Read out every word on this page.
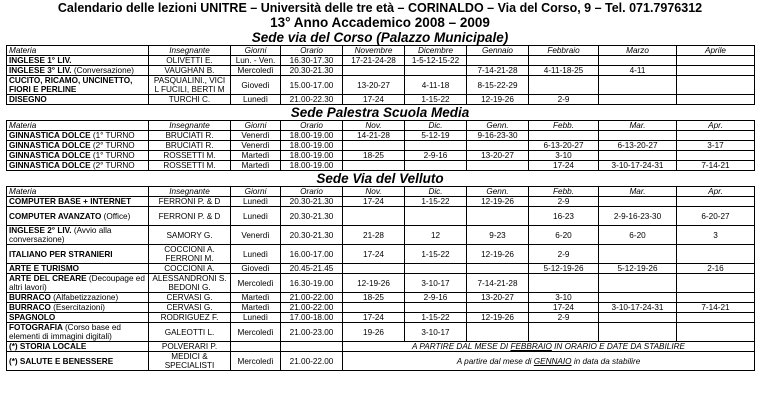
Calendario delle lezioni UNITRE – Università delle tre età – CORINALDO – Via del Corso, 9 – Tel. 071.7976312
13° Anno Accademico 2008 – 2009
Sede via del Corso (Palazzo Municipale)
Materia	Insegnante	Giorni	Orario	Novembre	Dicembre	Gennaio	Febbraio	Marzo	Aprile
INGLESE 1° LIV.	OLIVETTI E.	Lun. - Ven.	16.30-17.30	17-21-24-28	1-5-12-15-22				
INGLESE 3° LIV. (Conversazione)	VAUGHAN B.	Mercoledì	20.30-21.30			7-14-21-28	4-11-18-25	4-11	
CUCITO, RICAMO, UNCINETTO, FIORI E PERLINE	PASQUALINI., VICI L FUCILI, BERTI M	Giovedì	15.00-17.00	13-20-27	4-11-18	8-15-22-29			
DISEGNO	TURCHI C.	Lunedì	21.00-22.30	17-24	1-15-22	12-19-26	2-9		
Sede Palestra Scuola Media
Materia	Insegnante	Giorni	Orario	Nov.	Dic.	Genn.	Febb.	Mar.	Apr.
GINNASTICA DOLCE (1° TURNO	BRUCIATI R.	Venerdì	18.00-19.00	14-21-28	5-12-19	9-16-23-30			
GINNASTICA DOLCE (2° TURNO	BRUCIATI R.	Venerdì	18.00-19.00				6-13-20-27	6-13-20-27	3-17
GINNASTICA DOLCE (1° TURNO	ROSSETTI M.	Martedì	18.00-19.00	18-25	2-9-16	13-20-27	3-10		
GINNASTICA DOLCE (2° TURNO	ROSSETTI M.	Martedì	18.00-19.00				17-24	3-10-17-24-31	7-14-21
Sede Via del Velluto
Materia	Insegnante	Giorni	Orario	Nov.	Dic.	Genn.	Febb.	Mar.	Apr.
COMPUTER BASE + INTERNET	FERRONI P. & D	Lunedì	20.30-21.30	17-24	1-15-22	12-19-26	2-9		
COMPUTER AVANZATO (Office)	FERRONI P. & D	Lunedì	20.30-21.30				16-23	2-9-16-23-30	6-20-27
INGLESE 2° LIV. (Avvio alla conversazione)	SAMORY G.	Venerdì	20.30-21.30	21-28	12	9-23	6-20	6-20	3
ITALIANO PER STRANIERI	COCCIONI A. FERRONI M.	Lunedì	16.00-17.00	17-24	1-15-22	12-19-26	2-9		
ARTE E TURISMO	COCCIONI A.	Giovedì	20.45-21.45				5-12-19-26	5-12-19-26	2-16
ARTE DEL CREARE (Decoupage ed altri lavori)	ALESSANDRONI S. BEDONI G.	Mercoledì	16.30-19.00	12-19-26	3-10-17	7-14-21-28			
BURRACO (Alfabetizzazione)	CERVASI G.	Martedì	21.00-22.00	18-25	2-9-16	13-20-27	3-10		
BURRACO (Esercitazioni)	CERVASI G.	Martedì	21.00-22.00				17-24	3-10-17-24-31	7-14-21
SPAGNOLO	RODRIGUEZ F.	Lunedì	17.00-18.00	17-24	1-15-22	12-19-26	2-9		
FOTOGRAFIA (Corso base ed elementi di immagini digitali)	GALEOTTI L.	Mercoledì	21.00-23.00	19-26	3-10-17				
(*) STORIA LOCALE	POLVERARI P.			A PARTIRE DAL MESE DI FEBBRAIO IN ORARIO E DATE DA STABILIRE					
(*) SALUTE E BENESSERE	MEDICI & SPECIALISTI	Mercoledì	21.00-22.00	A partire dal mese di GENNAIO in data da stabilire					
